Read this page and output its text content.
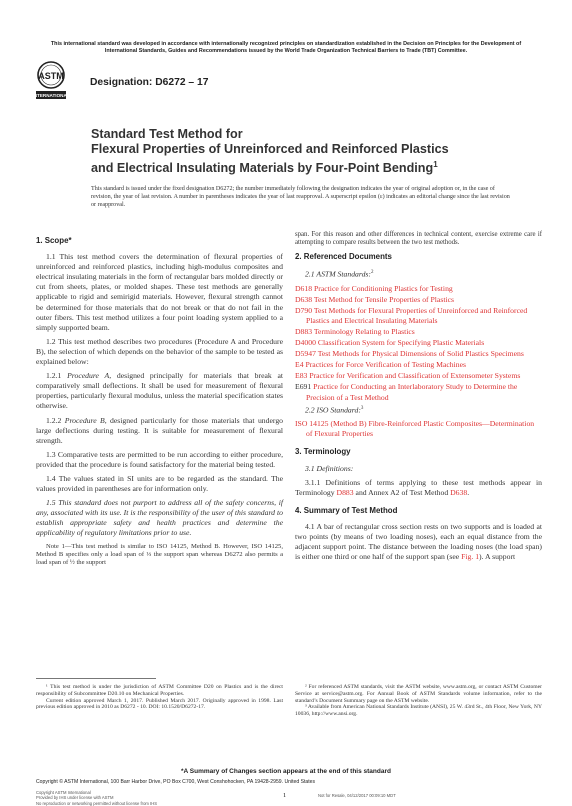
This international standard was developed in accordance with internationally recognized principles on standardization established in the Decision on Principles for the Development of International Standards, Guides and Recommendations issued by the World Trade Organization Technical Barriers to Trade (TBT) Committee.
ASTM
INTERNATIONAL
Designation: D6272 – 17
Standard Test Method for
Flexural Properties of Unreinforced and Reinforced Plastics
and Electrical Insulating Materials by Four-Point Bending$^1$
This standard is issued under the fixed designation D6272; the number immediately following the designation indicates the year of original adoption or, in the case of revision, the year of last revision. A number in parentheses indicates the year of last reapproval. A superscript epsilon (ε) indicates an editorial change since the last revision or reapproval.
1. Scope*

1.1 This test method covers the determination of flexural properties of unreinforced and reinforced plastics, including high-modulus composites and electrical insulating materials in the form of rectangular bars molded directly or cut from sheets, plates, or molded shapes. These test methods are generally applicable to rigid and semirigid materials. However, flexural strength cannot be determined for those materials that do not break or that do not fail in the outer fibers. This test method utilizes a four point loading system applied to a simply supported beam.

1.2 This test method describes two procedures (Procedure A and Procedure B), the selection of which depends on the behavior of the sample to be tested as explained below:

1.2.1 Procedure A, designed principally for materials that break at comparatively small deflections. It shall be used for measurement of flexural properties, particularly flexural modulus, unless the material specification states otherwise.

1.2.2 Procedure B, designed particularly for those materials that undergo large deflections during testing. It is suitable for measurement of flexural strength.

1.3 Comparative tests are permitted to be run according to either procedure, provided that the procedure is found satisfactory for the material being tested.

1.4 The values stated in SI units are to be regarded as the standard. The values provided in parentheses are for information only.

1.5 This standard does not purport to address all of the safety concerns, if any, associated with its use. It is the responsibility of the user of this standard to establish appropriate safety and health practices and determine the applicability of regulatory limitations prior to use.

Note 1—This test method is similar to ISO 14125, Method B. However, ISO 14125, Method B specifies only a load span of ⅓ the support span whereas D6272 also permits a load span of ½ the support

span. For this reason and other differences in technical content, exercise extreme care if attempting to compare results between the two test methods.

2. Referenced Documents

2.1 ASTM Standards:$^2$

D618 Practice for Conditioning Plastics for Testing
D638 Test Method for Tensile Properties of Plastics
D790 Test Methods for Flexural Properties of Unreinforced and Reinforced Plastics and Electrical Insulating Materials
D883 Terminology Relating to Plastics
D4000 Classification System for Specifying Plastic Materials
D5947 Test Methods for Physical Dimensions of Solid Plastics Specimens
E4 Practices for Force Verification of Testing Machines
E83 Practice for Verification and Classification of Extensometer Systems
E691 Practice for Conducting an Interlaboratory Study to Determine the Precision of a Test Method

2.2 ISO Standard:$^3$

ISO 14125 (Method B) Fibre-Reinforced Plastic Composites—Determination of Flexural Properties
3. Terminology

3.1 Definitions:

3.1.1 Definitions of terms applying to these test methods appear in Terminology D883 and Annex A2 of Test Method D638.

4. Summary of Test Method

4.1 A bar of rectangular cross section rests on two supports and is loaded at two points (by means of two loading noses), each an equal distance from the adjacent support point. The distance between the loading noses (the load span) is either one third or one half of the support span (see Fig. 1). A support

¹ This test method is under the jurisdiction of ASTM Committee D20 on Plastics and is the direct responsibility of Subcommittee D20.10 on Mechanical Properties.

Current edition approved March 1, 2017. Published March 2017. Originally approved in 1998. Last previous edition approved in 2010 as D6272 - 10. DOI: 10.1520/D6272-17.

² For referenced ASTM standards, visit the ASTM website, www.astm.org, or contact ASTM Customer Service at service@astm.org. For Annual Book of ASTM Standards volume information, refer to the standard’s Document Summary page on the ASTM website.

³ Available from American National Standards Institute (ANSI), 25 W. 43rd St., 4th Floor, New York, NY 10036, http://www.ansi.org.

*A Summary of Changes section appears at the end of this standard
Copyright © ASTM International, 100 Barr Harbor Drive, PO Box C700, West Conshohocken, PA 19428-2959. United States
1
Copyright ASTM International
Provided by IHS under license with ASTM
No reproduction or networking permitted without license from IHS
Not for Resale, 04/12/2017 00:09:10 MDT
